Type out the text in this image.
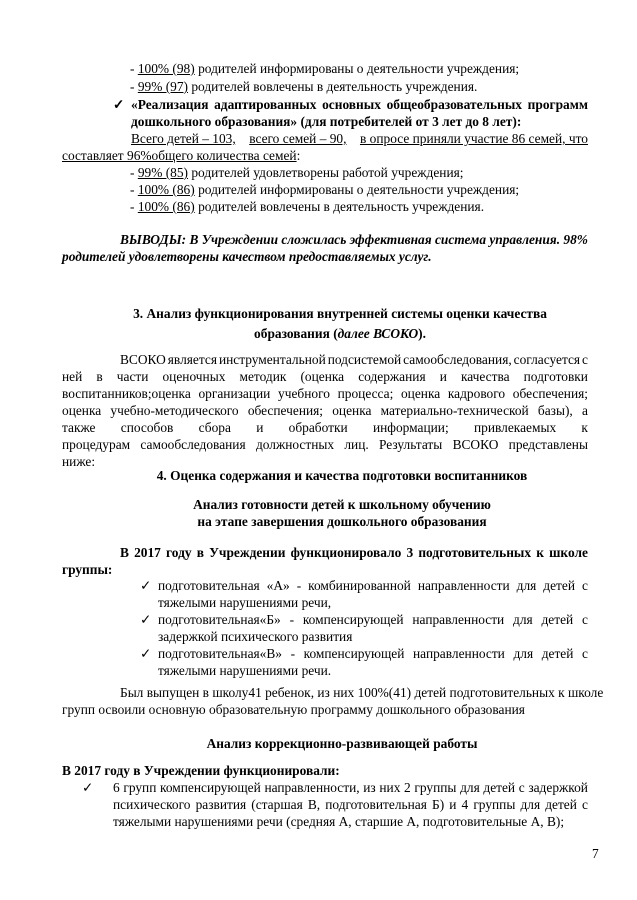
- 100% (98) родителей информированы о деятельности учреждения;
- 99% (97) родителей вовлечены в деятельность учреждения.
✓ «Реализация адаптированных основных общеобразовательных программ
дошкольного образования» (для потребителей от 3 лет до 8 лет):
Всего детей – 103, всего семей – 90, в опросе приняли участие 86 семей, что
составляет 96%общего количества семей:
- 99% (85) родителей удовлетворены работой учреждения;
- 100% (86) родителей информированы о деятельности учреждения;
- 100% (86) родителей вовлечены в деятельность учреждения.
ВЫВОДЫ: В Учреждении сложилась эффективная система управления. 98%
родителей удовлетворены качеством предоставляемых услуг.
3. Анализ функционирования внутренней системы оценки качества
образования (далее ВСОКО).
ВСОКО является инструментальной подсистемой самообследования, согласуется с
ней в части оценочных методик (оценка содержания и качества подготовки
воспитанников;оценка организации учебного процесса; оценка кадрового обеспечения;
оценка учебно-методического обеспечения; оценка материально-технической базы), а
также способов сбора и обработки информации; привлекаемых к
процедурам самообследования должностных лиц. Результаты ВСОКО представлены
ниже:
4. Оценка содержания и качества подготовки воспитанников
Анализ готовности детей к школьному обучению
на этапе завершения дошкольного образования
В 2017 году в Учреждении функционировало 3 подготовительных к школе
группы:
✓ подготовительная «А» - комбинированной направленности для детей с
тяжелыми нарушениями речи,
✓ подготовительная«Б» - компенсирующей направленности для детей с
задержкой психического развития
✓ подготовительная«В» - компенсирующей направленности для детей с
тяжелыми нарушениями речи.
Был выпущен в школу41 ребенок, из них 100%(41) детей подготовительных к школе
групп освоили основную образовательную программу дошкольного образования
Анализ коррекционно-развивающей работы
В 2017 году в Учреждении функционировали:
✓ 6 групп компенсирующей направленности, из них 2 группы для детей с задержкой
психического развития (старшая В, подготовительная Б) и 4 группы для детей с
тяжелыми нарушениями речи (средняя А, старшие А, подготовительные А, В);
7
